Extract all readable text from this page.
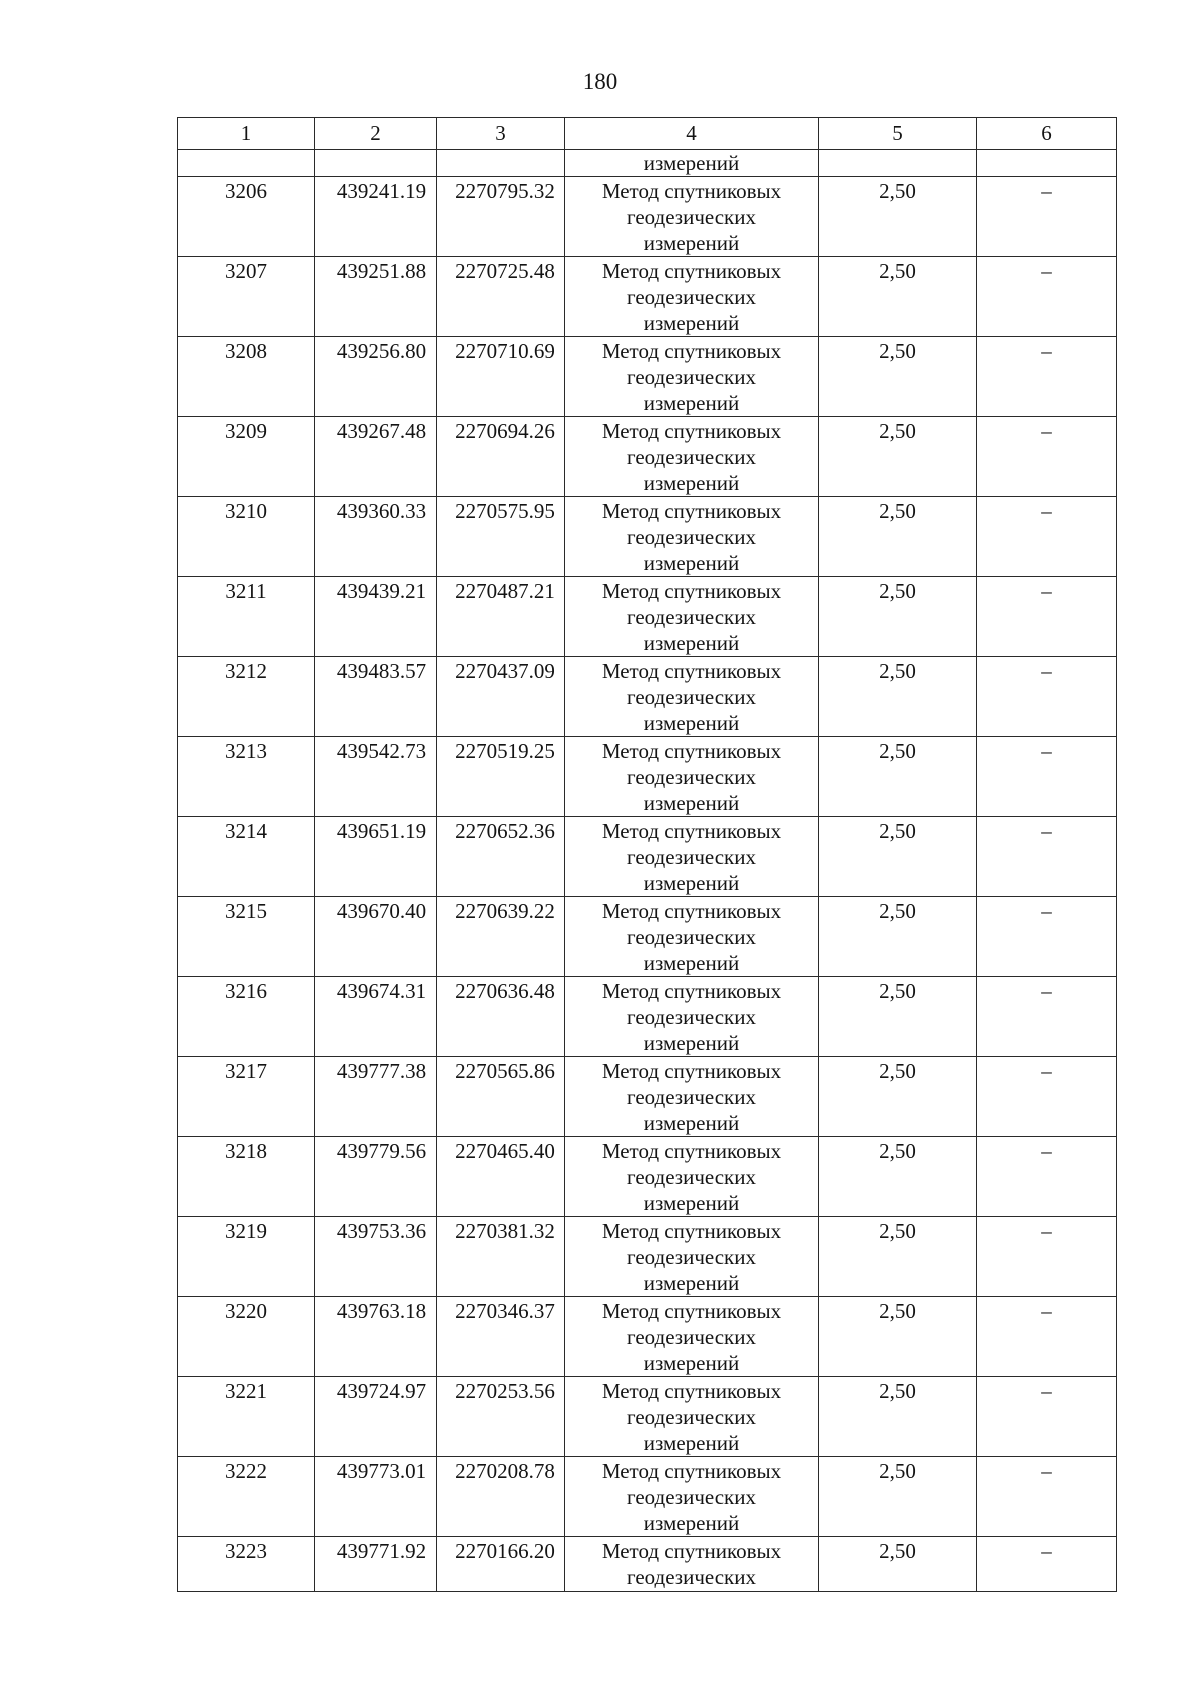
180
1	2	3	4	5	6
			измерений		
3206	439241.19	2270795.32	Метод спутниковых
геодезических
измерений	2,50	–
3207	439251.88	2270725.48	Метод спутниковых
геодезических
измерений	2,50	–
3208	439256.80	2270710.69	Метод спутниковых
геодезических
измерений	2,50	–
3209	439267.48	2270694.26	Метод спутниковых
геодезических
измерений	2,50	–
3210	439360.33	2270575.95	Метод спутниковых
геодезических
измерений	2,50	–
3211	439439.21	2270487.21	Метод спутниковых
геодезических
измерений	2,50	–
3212	439483.57	2270437.09	Метод спутниковых
геодезических
измерений	2,50	–
3213	439542.73	2270519.25	Метод спутниковых
геодезических
измерений	2,50	–
3214	439651.19	2270652.36	Метод спутниковых
геодезических
измерений	2,50	–
3215	439670.40	2270639.22	Метод спутниковых
геодезических
измерений	2,50	–
3216	439674.31	2270636.48	Метод спутниковых
геодезических
измерений	2,50	–
3217	439777.38	2270565.86	Метод спутниковых
геодезических
измерений	2,50	–
3218	439779.56	2270465.40	Метод спутниковых
геодезических
измерений	2,50	–
3219	439753.36	2270381.32	Метод спутниковых
геодезических
измерений	2,50	–
3220	439763.18	2270346.37	Метод спутниковых
геодезических
измерений	2,50	–
3221	439724.97	2270253.56	Метод спутниковых
геодезических
измерений	2,50	–
3222	439773.01	2270208.78	Метод спутниковых
геодезических
измерений	2,50	–
3223	439771.92	2270166.20	Метод спутниковых
геодезических	2,50	–
